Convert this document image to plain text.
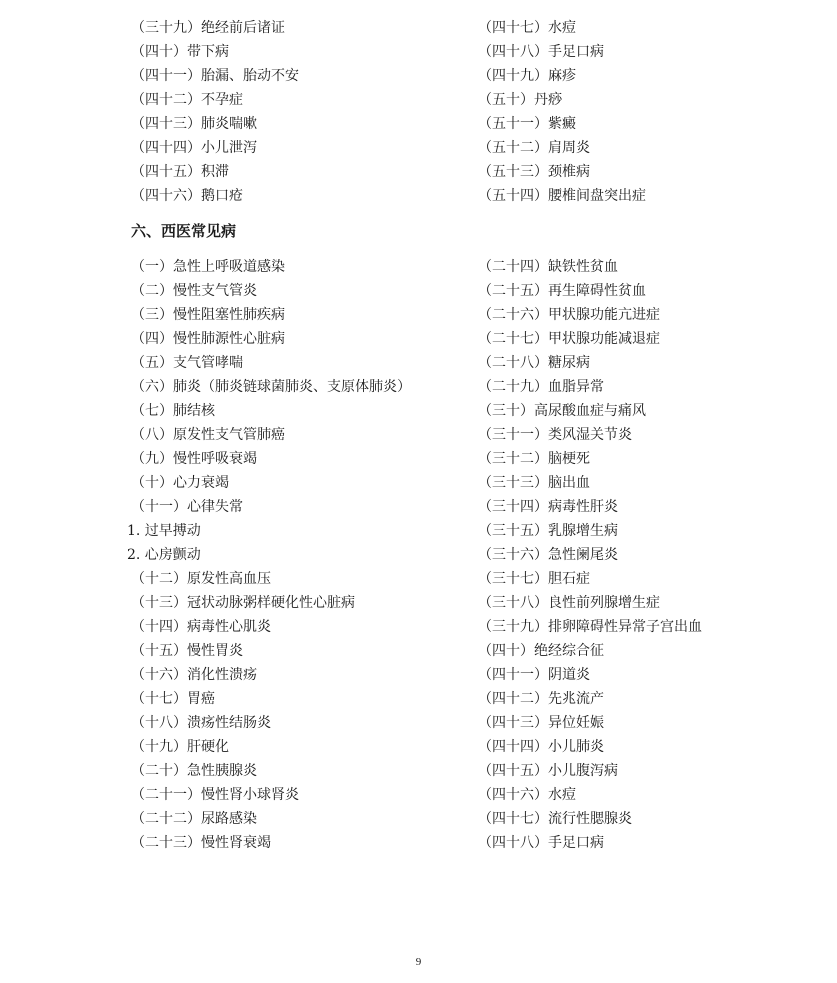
（三十九）绝经前后诸证
（四十）带下病
（四十一）胎漏、胎动不安
（四十二）不孕症
（四十三）肺炎喘嗽
（四十四）小儿泄泻
（四十五）积滞
（四十六）鹅口疮
（四十七）水痘
（四十八）手足口病
（四十九）麻疹
（五十）丹痧
（五十一）紫癜
（五十二）肩周炎
（五十三）颈椎病
（五十四）腰椎间盘突出症
六、西医常见病
（一）急性上呼吸道感染
（二）慢性支气管炎
（三）慢性阻塞性肺疾病
（四）慢性肺源性心脏病
（五）支气管哮喘
（六）肺炎（肺炎链球菌肺炎、支原体肺炎）
（七）肺结核
（八）原发性支气管肺癌
（九）慢性呼吸衰竭
（十）心力衰竭
（十一）心律失常
1. 过早搏动
2. 心房颤动
（十二）原发性高血压
（十三）冠状动脉粥样硬化性心脏病
（十四）病毒性心肌炎
（十五）慢性胃炎
（十六）消化性溃疡
（十七）胃癌
（十八）溃疡性结肠炎
（十九）肝硬化
（二十）急性胰腺炎
（二十一）慢性肾小球肾炎
（二十二）尿路感染
（二十三）慢性肾衰竭
（二十四）缺铁性贫血
（二十五）再生障碍性贫血
（二十六）甲状腺功能亢进症
（二十七）甲状腺功能减退症
（二十八）糖尿病
（二十九）血脂异常
（三十）高尿酸血症与痛风
（三十一）类风湿关节炎
（三十二）脑梗死
（三十三）脑出血
（三十四）病毒性肝炎
（三十五）乳腺增生病
（三十六）急性阑尾炎
（三十七）胆石症
（三十八）良性前列腺增生症
（三十九）排卵障碍性异常子宫出血
（四十）绝经综合征
（四十一）阴道炎
（四十二）先兆流产
（四十三）异位妊娠
（四十四）小儿肺炎
（四十五）小儿腹泻病
（四十六）水痘
（四十七）流行性腮腺炎
（四十八）手足口病
9
